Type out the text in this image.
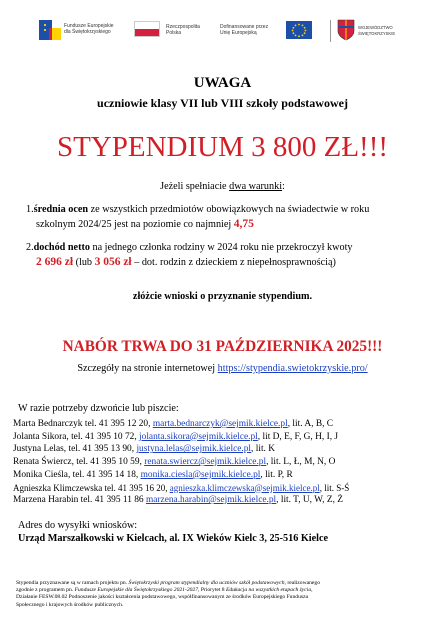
Fundusze Europejskie
dla Świętokrzyskiego
Rzeczpospolita
Polska
Dofinansowane przez
Unię Europejską
WOJEWÓDZTWO
ŚWIĘTOKRZYSKIE
UWAGA
uczniowie klasy VII lub VIII szkoły podstawowej
STYPENDIUM 3 800 ZŁ!!!
Jeżeli spełniacie dwa warunki:
1.średnia ocen ze wszystkich przedmiotów obowiązkowych na świadectwie w roku
szkolnym 2024/25 jest na poziomie co najmniej 4,75
2.dochód netto na jednego członka rodziny w 2024 roku nie przekroczył kwoty
2 696 zł (lub 3 056 zł – dot. rodzin z dzieckiem z niepełnosprawnością)
złóżcie wnioski o przyznanie stypendium.
NABÓR TRWA DO 31 PAŹDZIERNIKA 2025!!!
Szczegóły na stronie internetowej https://stypendia.swietokrzyskie.pro/
W razie potrzeby dzwońcie lub piszcie:
Marta Bednarczyk tel. 41 395 12 20, marta.bednarczyk@sejmik.kielce.pl, lit. A, B, C
Jolanta Sikora, tel. 41 395 10 72, jolanta.sikora@sejmik.kielce.pl, lit D, E, F, G, H, I, J
Justyna Lelas, tel. 41 395 13 90, justyna.lelas@sejmik.kielce.pl, lit. K
Renata Świercz, tel. 41 395 10 59, renata.swiercz@sejmik.kielce.pl, lit. L, Ł, M, N, O
Monika Cieśla, tel. 41 395 14 18, monika.ciesla@sejmik.kielce.pl, lit. P, R
Agnieszka Klimczewska tel. 41 395 16 20, agnieszka.klimczewska@sejmik.kielce.pl, lit. S-Ś
Marzena Harabin tel. 41 395 11 86 marzena.harabin@sejmik.kielce.pl, lit. T, U, W, Z, Ż
Adres do wysyłki wniosków:
Urząd Marszałkowski w Kielcach, al. IX Wieków Kielc 3, 25-516 Kielce
Stypendia przyznawane są w ramach projektu pn. Świętokrzyski program stypendialny dla uczniów szkół podstawowych, realizowanego
zgodnie z programem pn. Fundusze Europejskie dla Świętokrzyskiego 2021-2027, Priorytet 8 Edukacja na wszystkich etapach życia,
Działanie FESW.08.02 Podnoszenie jakości kształcenia podstawowego, współfinansowanym ze środków Europejskiego Funduszu
Społecznego i krajowych środków publicznych.
